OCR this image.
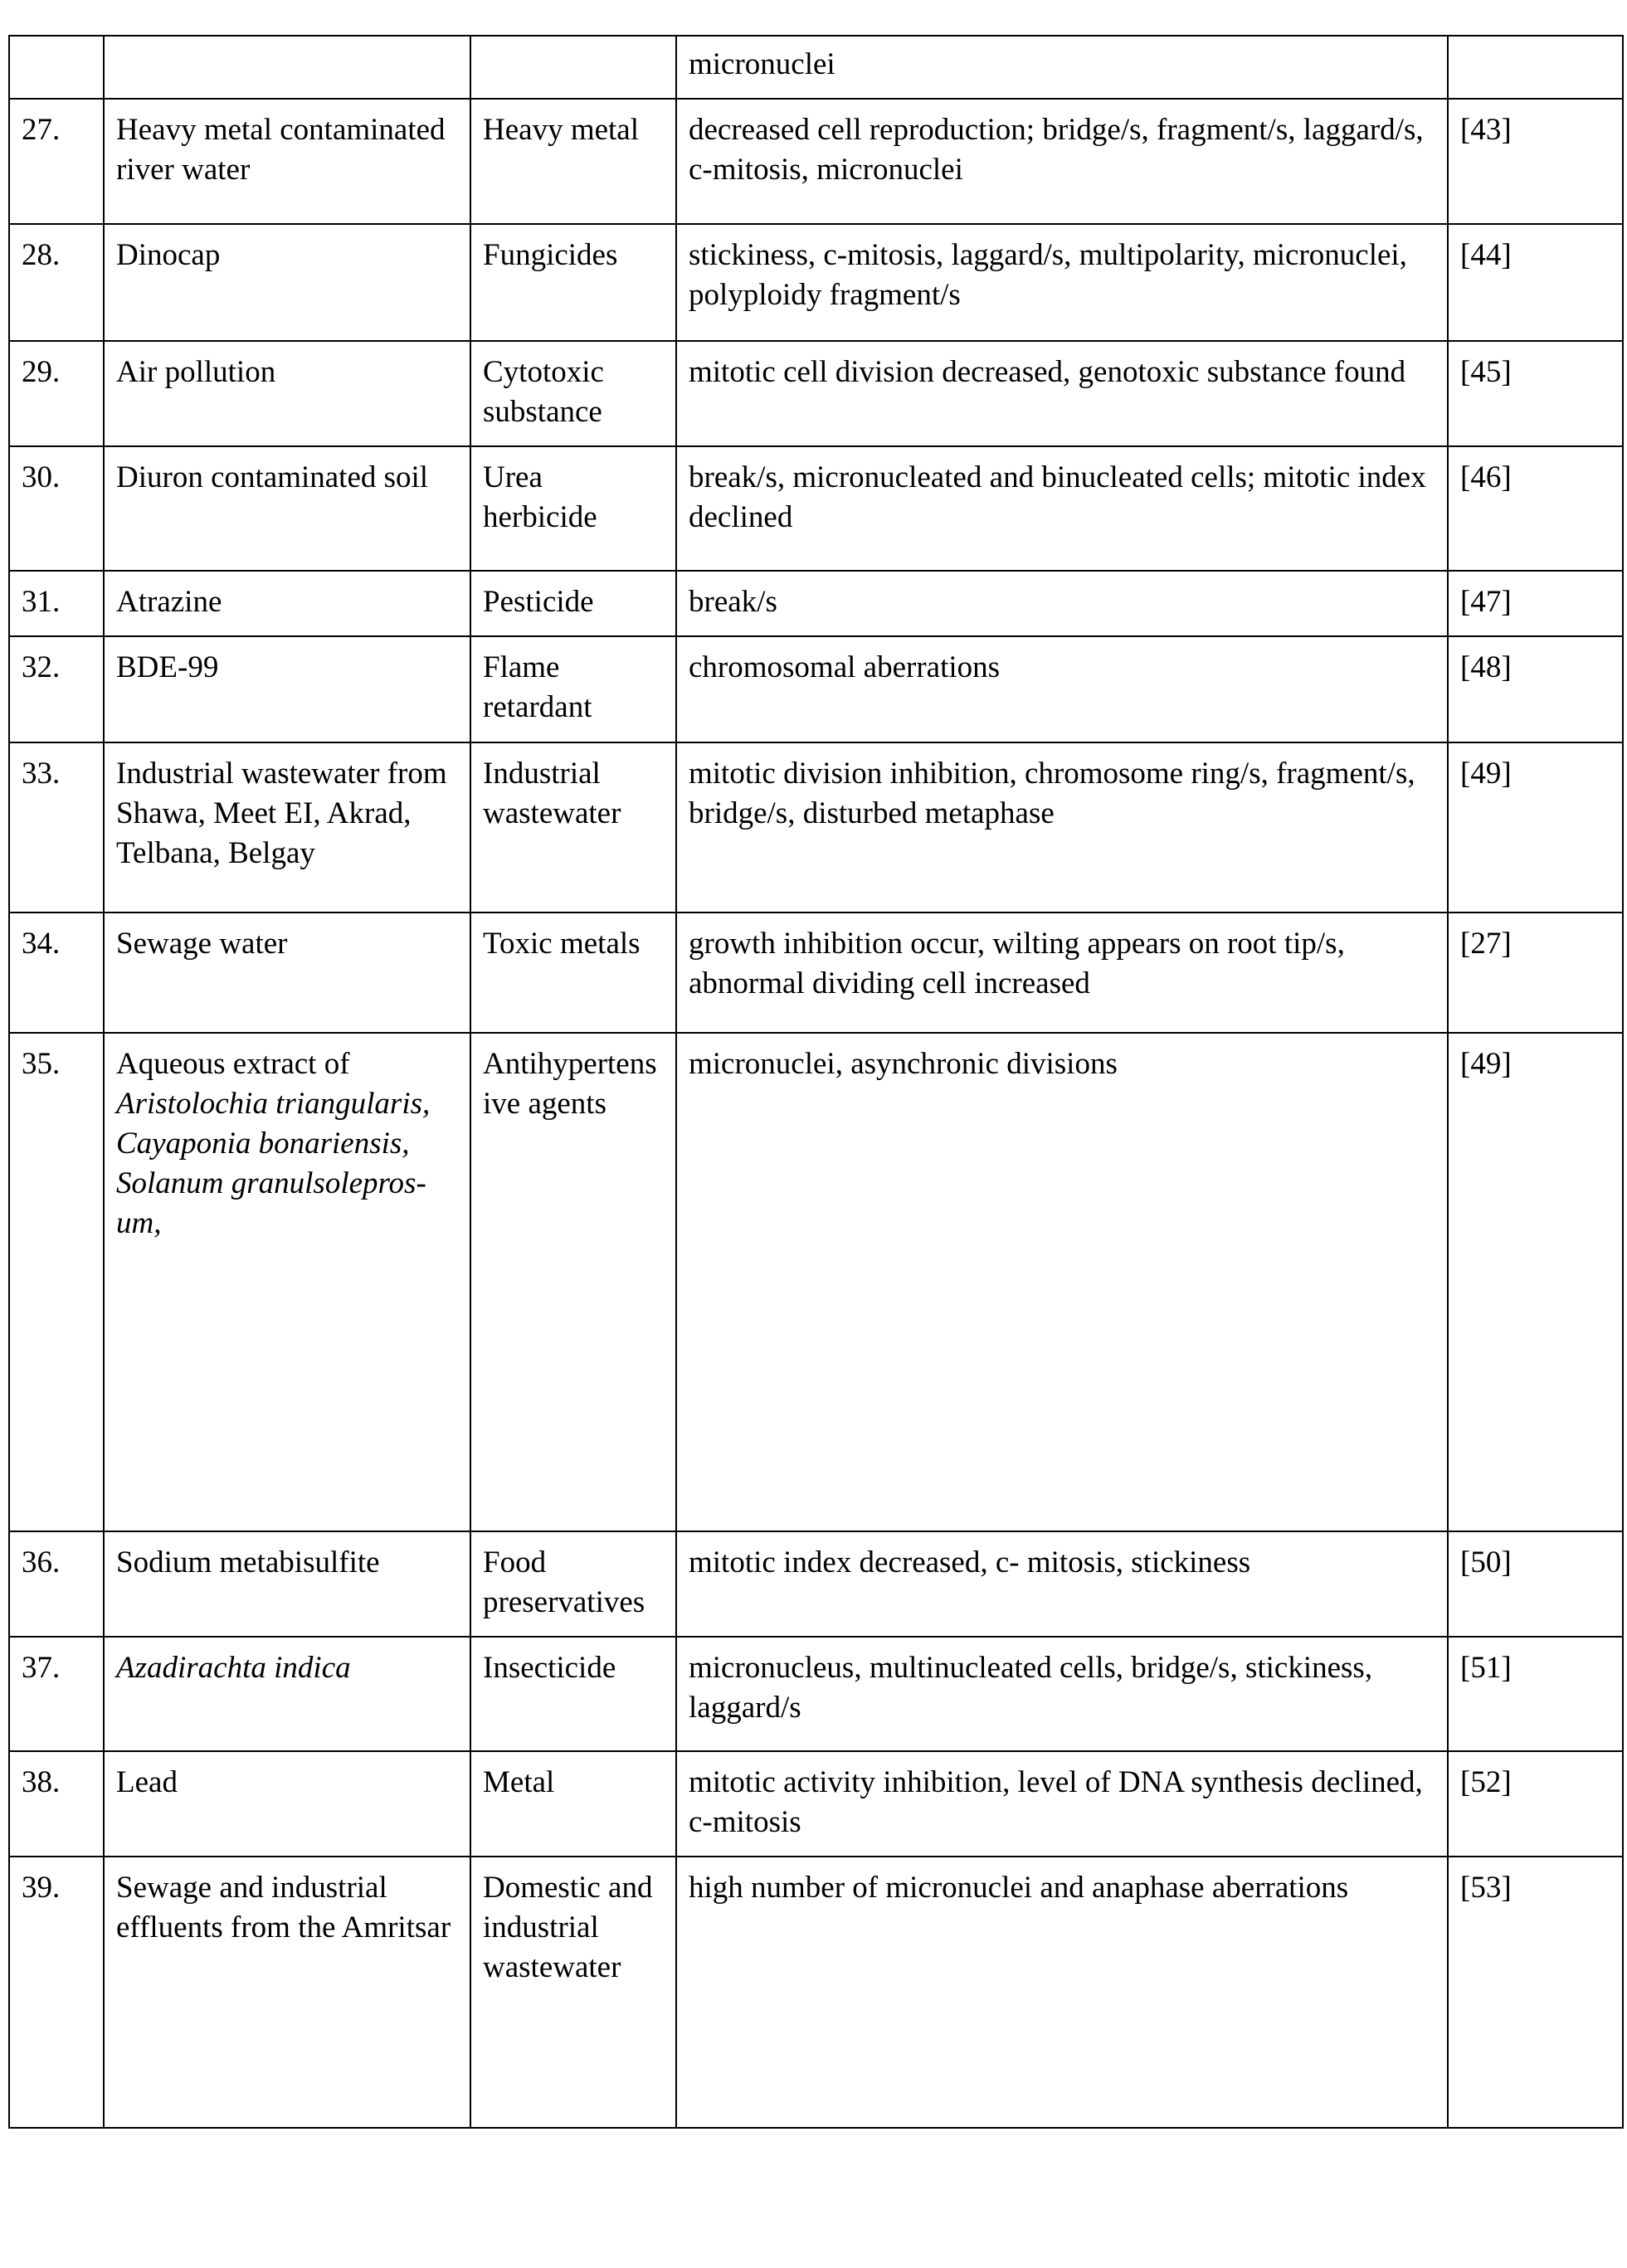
			micronuclei	
27.	Heavy metal contaminated river water	Heavy metal	decreased cell reproduction; bridge/s, fragment/s, laggard/s, c-mitosis, micronuclei	[43]
28.	Dinocap	Fungicides	stickiness, c-mitosis, laggard/s, multipolarity, micronuclei, polyploidy fragment/s	[44]
29.	Air pollution	Cytotoxic substance	mitotic cell division decreased, genotoxic substance found	[45]
30.	Diuron contaminated soil	Urea herbicide	break/s, micronucleated and binucleated cells; mitotic index declined	[46]
31.	Atrazine	Pesticide	break/s	[47]
32.	BDE-99	Flame retardant	chromosomal aberrations	[48]
33.	Industrial wastewater from Shawa, Meet EI, Akrad, Telbana, Belgay	Industrial wastewater	mitotic division inhibition, chromosome ring/s, fragment/s, bridge/s, disturbed metaphase	[49]
34.	Sewage water	Toxic metals	growth inhibition occur, wilting appears on root tip/s, abnormal dividing cell increased	[27]
35.	Aqueous extract of Aristolochia triangularis, Cayaponia bonariensis, Solanum granulsolepros-um,	Antihypertensive agents	micronuclei, asynchronic divisions	[49]
36.	Sodium metabisulfite	Food preservatives	mitotic index decreased, c- mitosis, stickiness	[50]
37.	Azadirachta indica	Insecticide	micronucleus, multinucleated cells, bridge/s, stickiness, laggard/s	[51]
38.	Lead	Metal	mitotic activity inhibition, level of DNA synthesis declined, c-mitosis	[52]
39.	Sewage and industrial effluents from the Amritsar	Domestic and industrial wastewater	high number of micronuclei and anaphase aberrations	[53]
